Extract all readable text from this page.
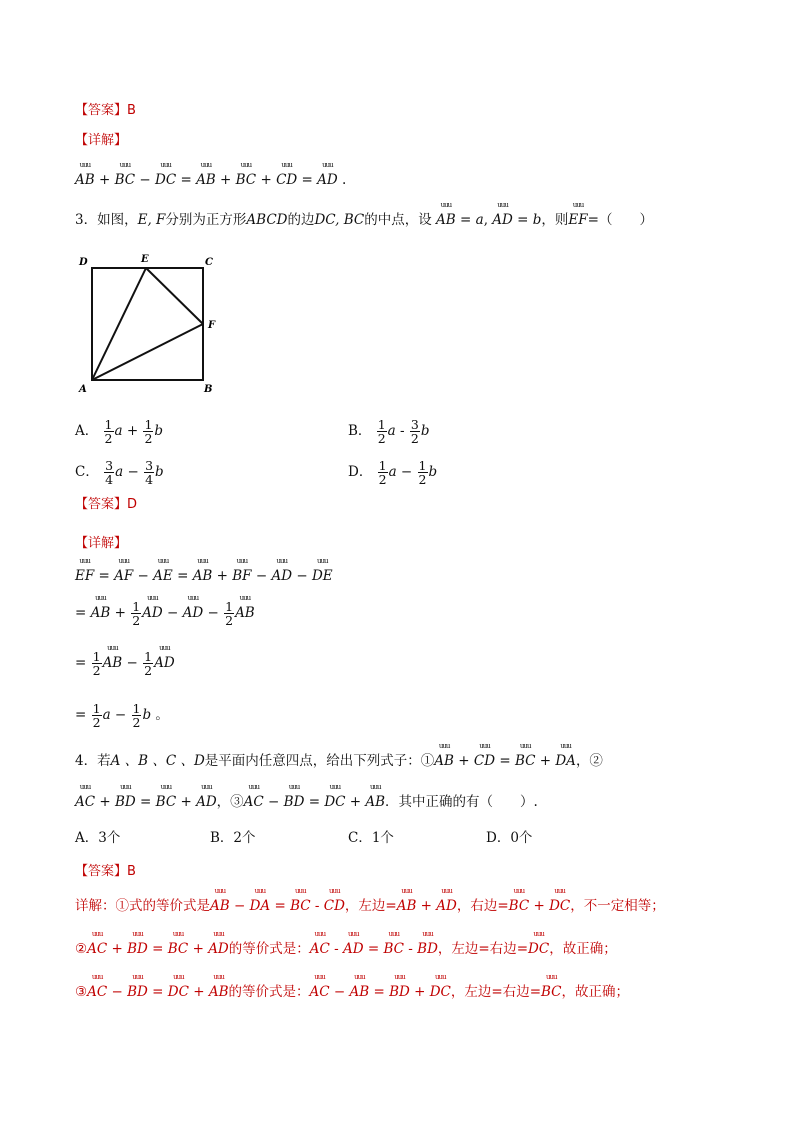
【答案】B
【详解】
uuu AB + uuu BC − uuu DC = uuu AB + uuu BC + uuu CD = uuu AD .
3．如图，E, F分别为正方形ABCD的边DC, BC的中点，设 uuu AB = a, uuu AD = b，则uuu EF=（　　）
D	E	C
F
A	B
A． $\frac{1}{2}$ $a + \frac{1}{2}$ b	B． $\frac{1}{2}$ a - $\frac{3}{2}$ b
C． $\frac{3}{4}$ $a - \frac{3}{4}$ b	D． $\frac{1}{2}$ $a - \frac{1}{2}$ b
【答案】D
【详解】
uuu EF = uuu AF − uuu AE = uuu AB + uuu BF − uuu AD − uuu DE
= uuu AB + $\frac{1}{2}$ uuu AD − uuu AD − $\frac{1}{2}$ uuu AB
= $\frac{1}{2}$ uuu AB − $\frac{1}{2}$ uuu AD
= $\frac{1}{2}$ $a - \frac{1}{2}$ b 。
4．若A 、B 、C 、D是平面内任意四点，给出下列式子：①uuu AB + uuu CD = uuu BC + uuu DA，②
uuu AC + uuu BD = uuu BC + uuu AD，③uuu AC − uuu BD = uuu DC + uuu AB．其中正确的有（　　）.
A．3个	B．2个	C．1个	D．0个
【答案】B
详解：①式的等价式是uuu AB − uuu DA = uuu BC - uuu CD，左边=uuu AB + uuu AD，右边=uuu BC + uuu DC，不一定相等；
②uuu AC + uuu BD = uuu BC + uuu AD的等价式是：uuu AC - uuu AD = uuu BC - uuu BD，左边=右边=uuu DC，故正确；
③uuu AC − uuu BD = uuu DC + uuu AB的等价式是：uuu AC − uuu AB = uuu BD + uuu DC，左边=右边=uuu BC，故正确；
